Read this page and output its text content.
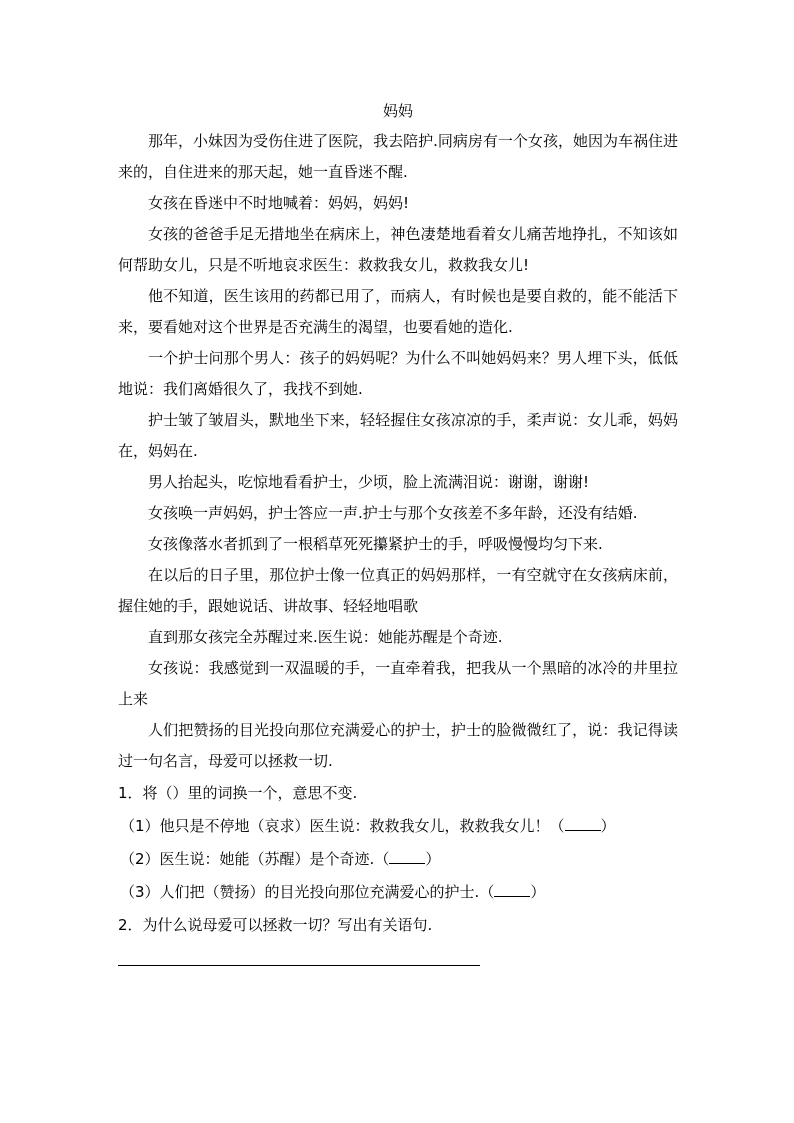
妈妈

那年，小妹因为受伤住进了医院，我去陪护.同病房有一个女孩，她因为车祸住进来的，自住进来的那天起，她一直昏迷不醒.

女孩在昏迷中不时地喊着：妈妈，妈妈!

女孩的爸爸手足无措地坐在病床上，神色凄楚地看着女儿痛苦地挣扎，不知该如何帮助女儿，只是不听地哀求医生：救救我女儿，救救我女儿!

他不知道，医生该用的药都已用了，而病人，有时候也是要自救的，能不能活下来，要看她对这个世界是否充满生的渴望，也要看她的造化.

一个护士问那个男人：孩子的妈妈呢？为什么不叫她妈妈来？男人埋下头，低低地说：我们离婚很久了，我找不到她.

护士皱了皱眉头，默地坐下来，轻轻握住女孩凉凉的手，柔声说：女儿乖，妈妈在，妈妈在.

男人抬起头，吃惊地看看护士，少顷，脸上流满泪说：谢谢，谢谢!

女孩唤一声妈妈，护士答应一声.护士与那个女孩差不多年龄，还没有结婚.

女孩像落水者抓到了一根稻草死死攥紧护士的手，呼吸慢慢均匀下来.

在以后的日子里，那位护士像一位真正的妈妈那样，一有空就守在女孩病床前，握住她的手，跟她说话、讲故事、轻轻地唱歌

直到那女孩完全苏醒过来.医生说：她能苏醒是个奇迹.

女孩说：我感觉到一双温暖的手，一直牵着我，把我从一个黑暗的冰冷的井里拉上来

人们把赞扬的目光投向那位充满爱心的护士，护士的脸微微红了，说：我记得读过一句名言，母爱可以拯救一切.

1．将（）里的词换一个，意思不变.

（1）他只是不停地（哀求）医生说：救救我女儿，救救我女儿！（ ）

（2）医生说：她能（苏醒）是个奇迹.（ ）

（3）人们把（赞扬）的目光投向那位充满爱心的护士.（ ）

2．为什么说母爱可以拯救一切？写出有关语句.
